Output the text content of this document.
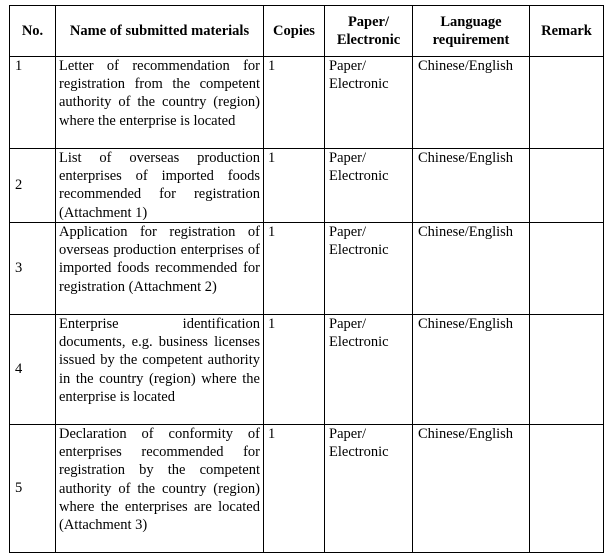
No.	Name of submitted materials	Copies	Paper/ Electronic	Language requirement	Remark
1	Letter of recommendation for registration from the competent authority of the country (region) where the enterprise is located	1	Paper/ Electronic	Chinese/English	
2	List of overseas production enterprises of imported foods recommended for registration (Attachment 1)	1	Paper/ Electronic	Chinese/English	
3	Application for registration of overseas production enterprises of imported foods recommended for registration (Attachment 2)	1	Paper/ Electronic	Chinese/English	
4	Enterprise identification documents, e.g. business licenses issued by the competent authority in the country (region) where the enterprise is located	1	Paper/ Electronic	Chinese/English	
5	Declaration of conformity of enterprises recommended for registration by the competent authority of the country (region) where the enterprises are located (Attachment 3)	1	Paper/ Electronic	Chinese/English	
